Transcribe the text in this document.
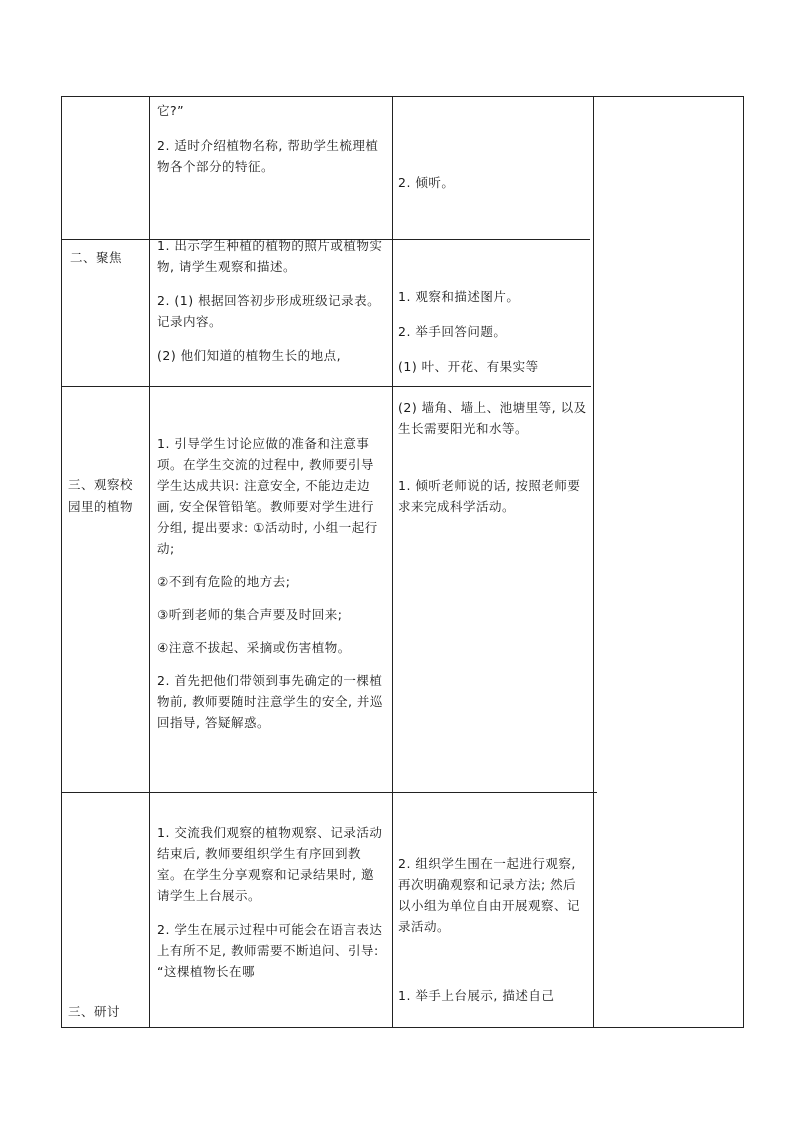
它?”

2. 适时介绍植物名称, 帮助学生梳理植物各个部分的特征。

2. 倾听。

二、聚焦

1. 出示学生种植的植物的照片或植物实物, 请学生观察和描述。

2. (1) 根据回答初步形成班级记录表。记录内容。

(2) 他们知道的植物生长的地点,

1. 观察和描述图片。

2. 举手回答问题。

(1) 叶、开花、有果实等

三、观察校园里的植物

1. 引导学生讨论应做的准备和注意事项。在学生交流的过程中, 教师要引导学生达成共识: 注意安全, 不能边走边画, 安全保管铅笔。教师要对学生进行分组, 提出要求: ①活动时, 小组一起行动;

②不到有危险的地方去;

③听到老师的集合声要及时回来;

④注意不拔起、采摘或伤害植物。

2. 首先把他们带领到事先确定的一棵植物前, 教师要随时注意学生的安全, 并巡回指导, 答疑解惑。

(2) 墙角、墙上、池塘里等, 以及生长需要阳光和水等。

1. 倾听老师说的话, 按照老师要求来完成科学活动。

三、研讨

1. 交流我们观察的植物观察、记录活动结束后, 教师要组织学生有序回到教室。在学生分享观察和记录结果时, 邀请学生上台展示。

2. 学生在展示过程中可能会在语言表达上有所不足, 教师需要不断追问、引导: “这棵植物长在哪

2. 组织学生围在一起进行观察, 再次明确观察和记录方法; 然后以小组为单位自由开展观察、记录活动。

1. 举手上台展示, 描述自己
